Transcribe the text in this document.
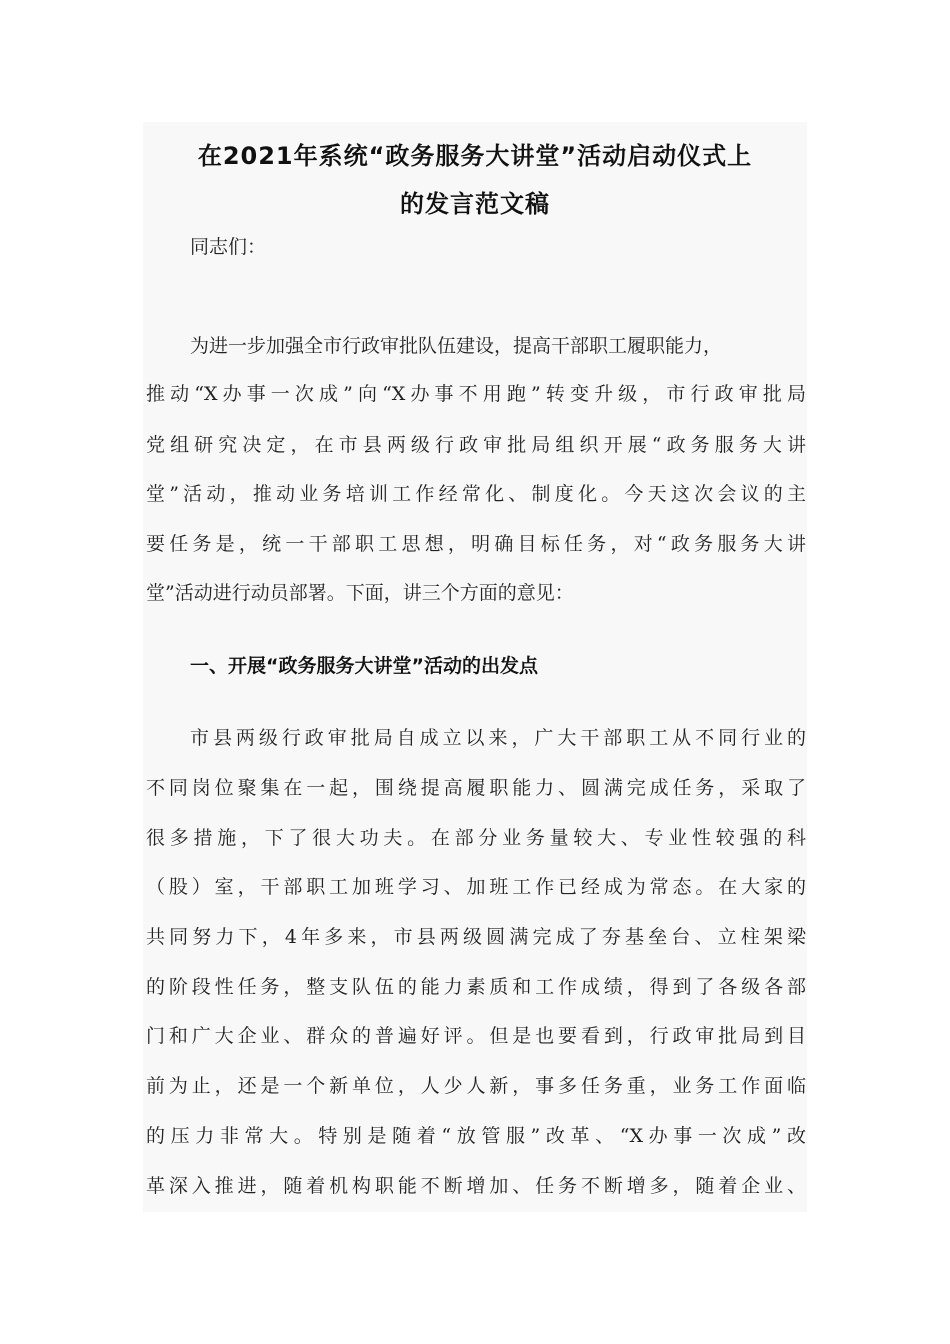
在2021年系统“政务服务大讲堂”活动启动仪式上
的发言范文稿

同志们：

为进一步加强全市行政审批队伍建设，提高干部职工履职能力，

推动“X办事一次成”向“X办事不用跑”转变升级，市行政审批局

党组研究决定，在市县两级行政审批局组织开展“政务服务大讲

堂”活动，推动业务培训工作经常化、制度化。今天这次会议的主

要任务是，统一干部职工思想，明确目标任务，对“政务服务大讲

堂”活动进行动员部署。下面，讲三个方面的意见：

一、开展“政务服务大讲堂”活动的出发点

市县两级行政审批局自成立以来，广大干部职工从不同行业的

不同岗位聚集在一起，围绕提高履职能力、圆满完成任务，采取了

很多措施，下了很大功夫。在部分业务量较大、专业性较强的科

（股）室，干部职工加班学习、加班工作已经成为常态。在大家的

共同努力下，4年多来，市县两级圆满完成了夯基垒台、立柱架梁

的阶段性任务，整支队伍的能力素质和工作成绩，得到了各级各部

门和广大企业、群众的普遍好评。但是也要看到，行政审批局到目

前为止，还是一个新单位，人少人新，事多任务重，业务工作面临

的压力非常大。特别是随着“放管服”改革、“X办事一次成”改

革深入推进，随着机构职能不断增加、任务不断增多，随着企业、
